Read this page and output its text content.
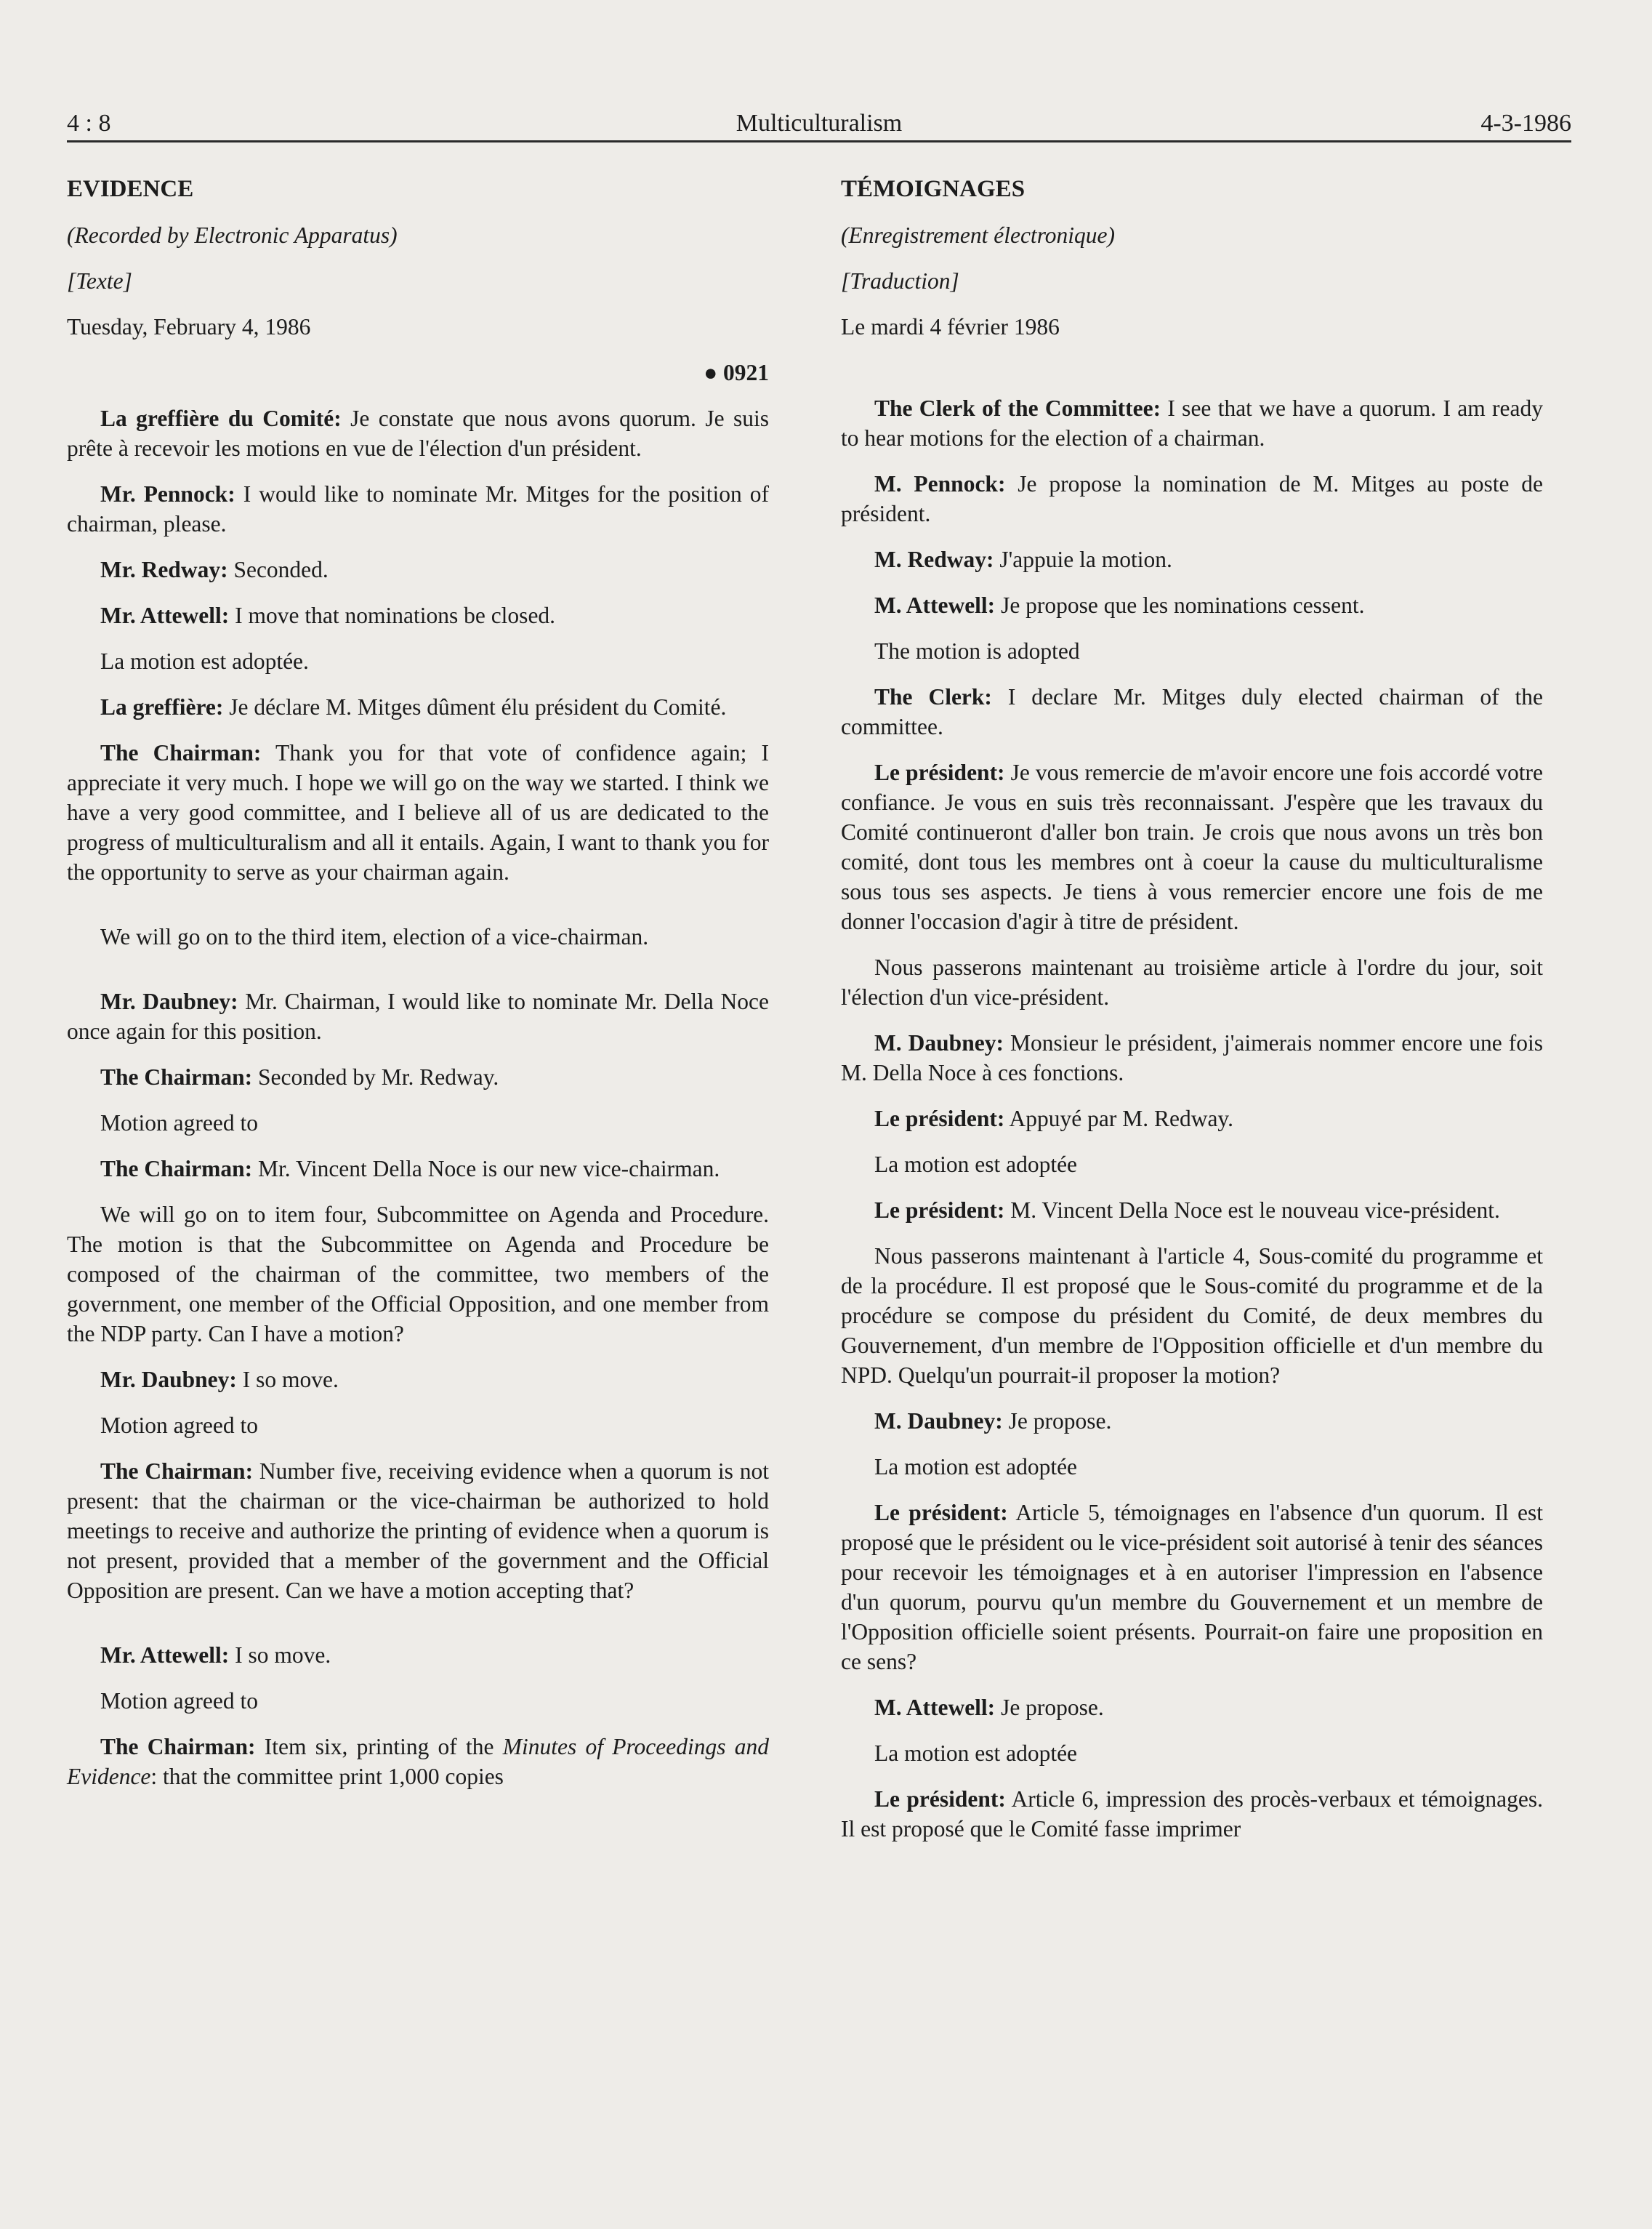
4 : 8	Multiculturalism	4-3-1986

EVIDENCE

(Recorded by Electronic Apparatus)

[Texte]

Tuesday, February 4, 1986

● 0921

La greffière du Comité: Je constate que nous avons quorum. Je suis prête à recevoir les motions en vue de l'élection d'un président.

Mr. Pennock: I would like to nominate Mr. Mitges for the position of chairman, please.

Mr. Redway: Seconded.

Mr. Attewell: I move that nominations be closed.

La motion est adoptée.

La greffière: Je déclare M. Mitges dûment élu président du Comité.

The Chairman: Thank you for that vote of confidence again; I appreciate it very much. I hope we will go on the way we started. I think we have a very good committee, and I believe all of us are dedicated to the progress of multiculturalism and all it entails. Again, I want to thank you for the opportunity to serve as your chairman again.

We will go on to the third item, election of a vice-chairman.

Mr. Daubney: Mr. Chairman, I would like to nominate Mr. Della Noce once again for this position.

The Chairman: Seconded by Mr. Redway.

Motion agreed to

The Chairman: Mr. Vincent Della Noce is our new vice-chairman.

We will go on to item four, Subcommittee on Agenda and Procedure. The motion is that the Subcommittee on Agenda and Procedure be composed of the chairman of the committee, two members of the government, one member of the Official Opposition, and one member from the NDP party. Can I have a motion?

Mr. Daubney: I so move.

Motion agreed to

The Chairman: Number five, receiving evidence when a quorum is not present: that the chairman or the vice-chairman be authorized to hold meetings to receive and authorize the printing of evidence when a quorum is not present, provided that a member of the government and the Official Opposition are present. Can we have a motion accepting that?

Mr. Attewell: I so move.

Motion agreed to

The Chairman: Item six, printing of the Minutes of Proceedings and Evidence: that the committee print 1,000 copies

TÉMOIGNAGES

(Enregistrement électronique)

[Traduction]

Le mardi 4 février 1986

The Clerk of the Committee: I see that we have a quorum. I am ready to hear motions for the election of a chairman.

M. Pennock: Je propose la nomination de M. Mitges au poste de président.

M. Redway: J'appuie la motion.

M. Attewell: Je propose que les nominations cessent.

The motion is adopted

The Clerk: I declare Mr. Mitges duly elected chairman of the committee.

Le président: Je vous remercie de m'avoir encore une fois accordé votre confiance. Je vous en suis très reconnaissant. J'espère que les travaux du Comité continueront d'aller bon train. Je crois que nous avons un très bon comité, dont tous les membres ont à coeur la cause du multiculturalisme sous tous ses aspects. Je tiens à vous remercier encore une fois de me donner l'occasion d'agir à titre de président.

Nous passerons maintenant au troisième article à l'ordre du jour, soit l'élection d'un vice-président.

M. Daubney: Monsieur le président, j'aimerais nommer encore une fois M. Della Noce à ces fonctions.

Le président: Appuyé par M. Redway.

La motion est adoptée

Le président: M. Vincent Della Noce est le nouveau vice-président.

Nous passerons maintenant à l'article 4, Sous-comité du programme et de la procédure. Il est proposé que le Sous-comité du programme et de la procédure se compose du président du Comité, de deux membres du Gouvernement, d'un membre de l'Opposition officielle et d'un membre du NPD. Quelqu'un pourrait-il proposer la motion?

M. Daubney: Je propose.

La motion est adoptée

Le président: Article 5, témoignages en l'absence d'un quorum. Il est proposé que le président ou le vice-président soit autorisé à tenir des séances pour recevoir les témoignages et à en autoriser l'impression en l'absence d'un quorum, pourvu qu'un membre du Gouvernement et un membre de l'Opposition officielle soient présents. Pourrait-on faire une proposition en ce sens?

M. Attewell: Je propose.

La motion est adoptée

Le président: Article 6, impression des procès-verbaux et témoignages. Il est proposé que le Comité fasse imprimer
